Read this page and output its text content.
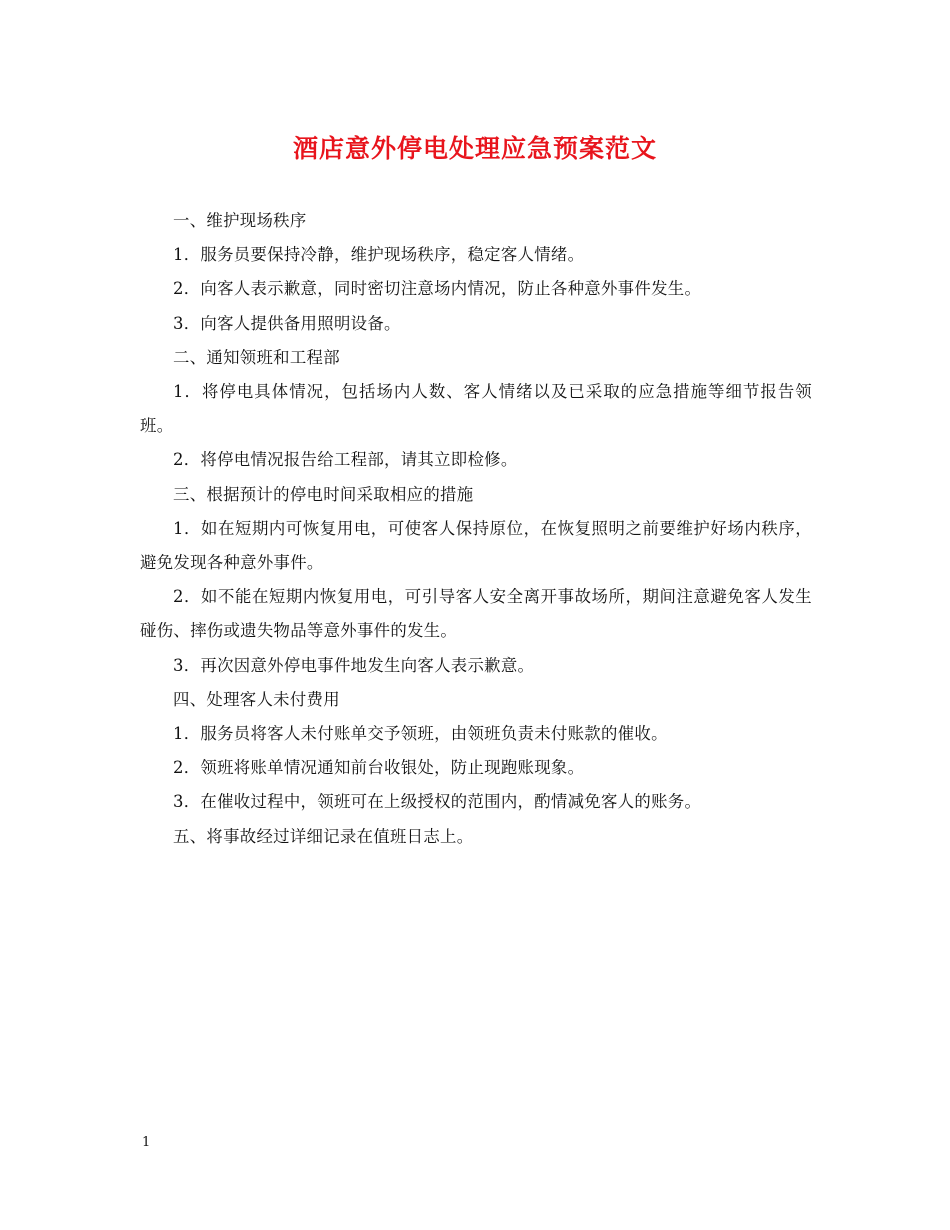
酒店意外停电处理应急预案范文

一、维护现场秩序

1．服务员要保持冷静，维护现场秩序，稳定客人情绪。

2．向客人表示歉意，同时密切注意场内情况，防止各种意外事件发生。

3．向客人提供备用照明设备。

二、通知领班和工程部

1．将停电具体情况，包括场内人数、客人情绪以及已采取的应急措施等细节报告领班。

2．将停电情况报告给工程部，请其立即检修。

三、根据预计的停电时间采取相应的措施

1．如在短期内可恢复用电，可使客人保持原位，在恢复照明之前要维护好场内秩序，避免发现各种意外事件。

2．如不能在短期内恢复用电，可引导客人安全离开事故场所，期间注意避免客人发生碰伤、摔伤或遗失物品等意外事件的发生。

3．再次因意外停电事件地发生向客人表示歉意。

四、处理客人未付费用

1．服务员将客人未付账单交予领班，由领班负责未付账款的催收。

2．领班将账单情况通知前台收银处，防止现跑账现象。

3．在催收过程中，领班可在上级授权的范围内，酌情减免客人的账务。

五、将事故经过详细记录在值班日志上。

1
